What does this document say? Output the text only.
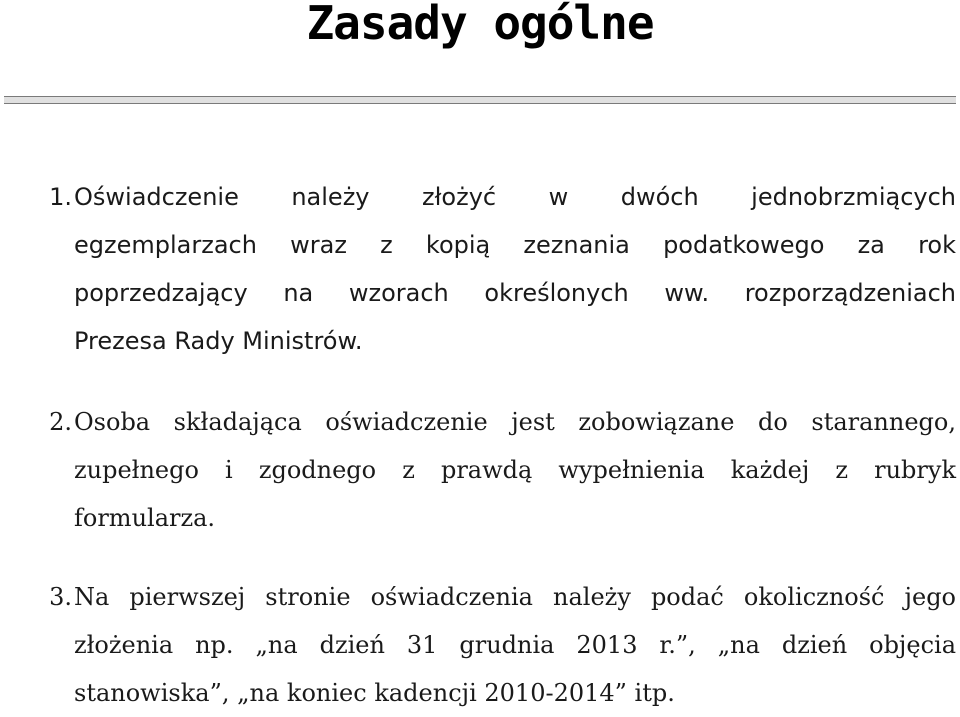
Zasady ogólne
1. Oświadczenie należy złożyć w dwóch jednobrzmiących
egzemplarzach wraz z kopią zeznania podatkowego za rok
poprzedzający na wzorach określonych ww. rozporządzeniach
Prezesa Rady Ministrów.
2. Osoba składająca oświadczenie jest zobowiązane do starannego,
zupełnego i zgodnego z prawdą wypełnienia każdej z rubryk
formularza.
3. Na pierwszej stronie oświadczenia należy podać okoliczność jego
złożenia np. „na dzień 31 grudnia 2013 r.”, „na dzień objęcia
stanowiska”, „na koniec kadencji 2010-2014” itp.
